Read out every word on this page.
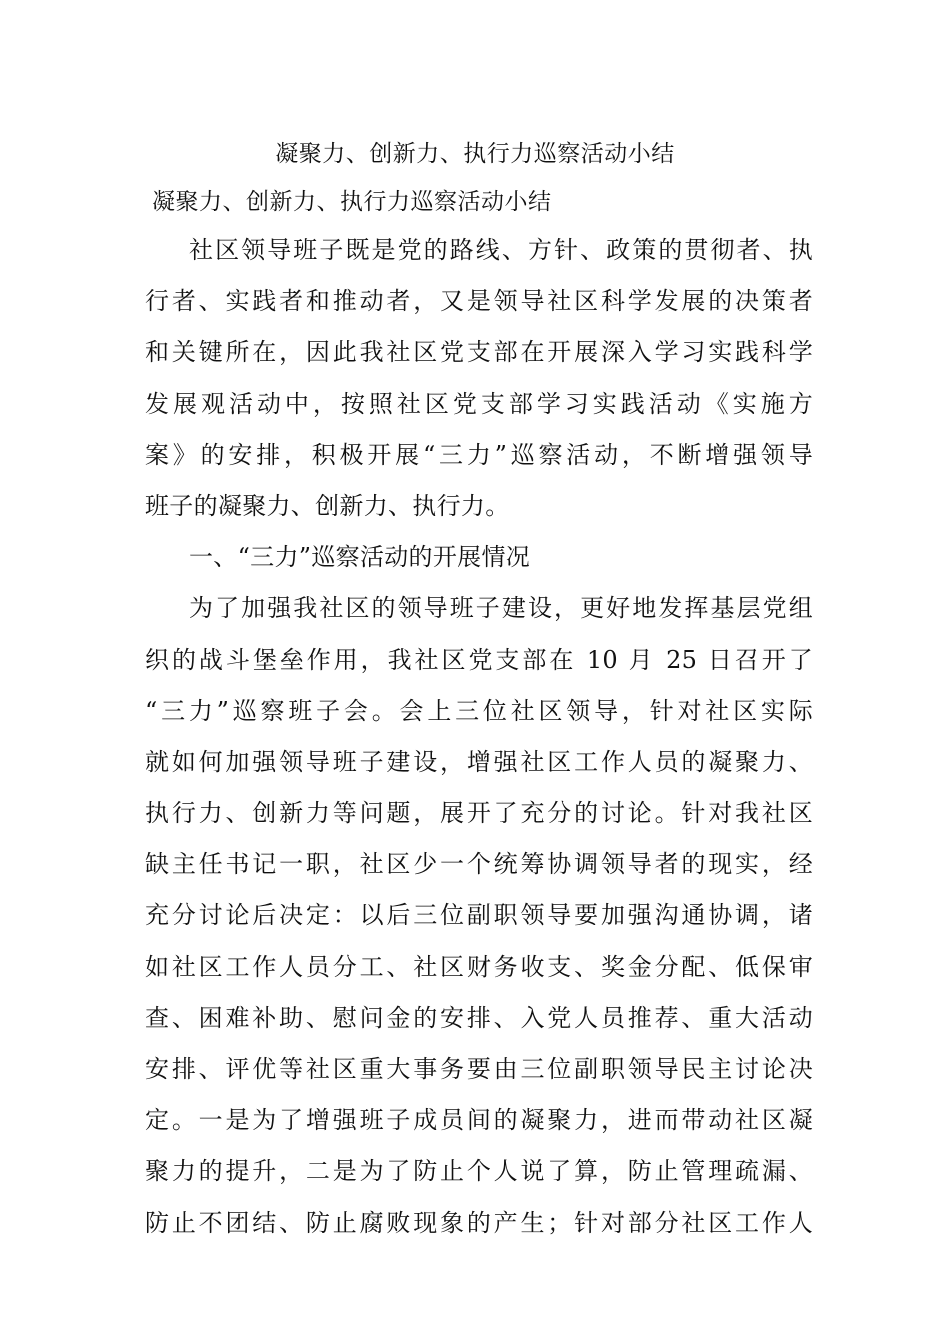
凝聚力、创新力、执行力巡察活动小结

凝聚力、创新力、执行力巡察活动小结

社区领导班子既是党的路线、方针、政策的贯彻者、执
行者、实践者和推动者，又是领导社区科学发展的决策者
和关键所在，因此我社区党支部在开展深入学习实践科学
发展观活动中，按照社区党支部学习实践活动《实施方
案》的安排，积极开展“三力”巡察活动，不断增强领导
班子的凝聚力、创新力、执行力。
一、“三力”巡察活动的开展情况
为了加强我社区的领导班子建设，更好地发挥基层党组
织的战斗堡垒作用，我社区党支部在 10 月 25 日召开了
“三力”巡察班子会。会上三位社区领导，针对社区实际
就如何加强领导班子建设，增强社区工作人员的凝聚力、
执行力、创新力等问题，展开了充分的讨论。针对我社区
缺主任书记一职，社区少一个统筹协调领导者的现实，经
充分讨论后决定：以后三位副职领导要加强沟通协调，诸
如社区工作人员分工、社区财务收支、奖金分配、低保审
查、困难补助、慰问金的安排、入党人员推荐、重大活动
安排、评优等社区重大事务要由三位副职领导民主讨论决
定。一是为了增强班子成员间的凝聚力，进而带动社区凝
聚力的提升，二是为了防止个人说了算，防止管理疏漏、
防止不团结、防止腐败现象的产生；针对部分社区工作人
